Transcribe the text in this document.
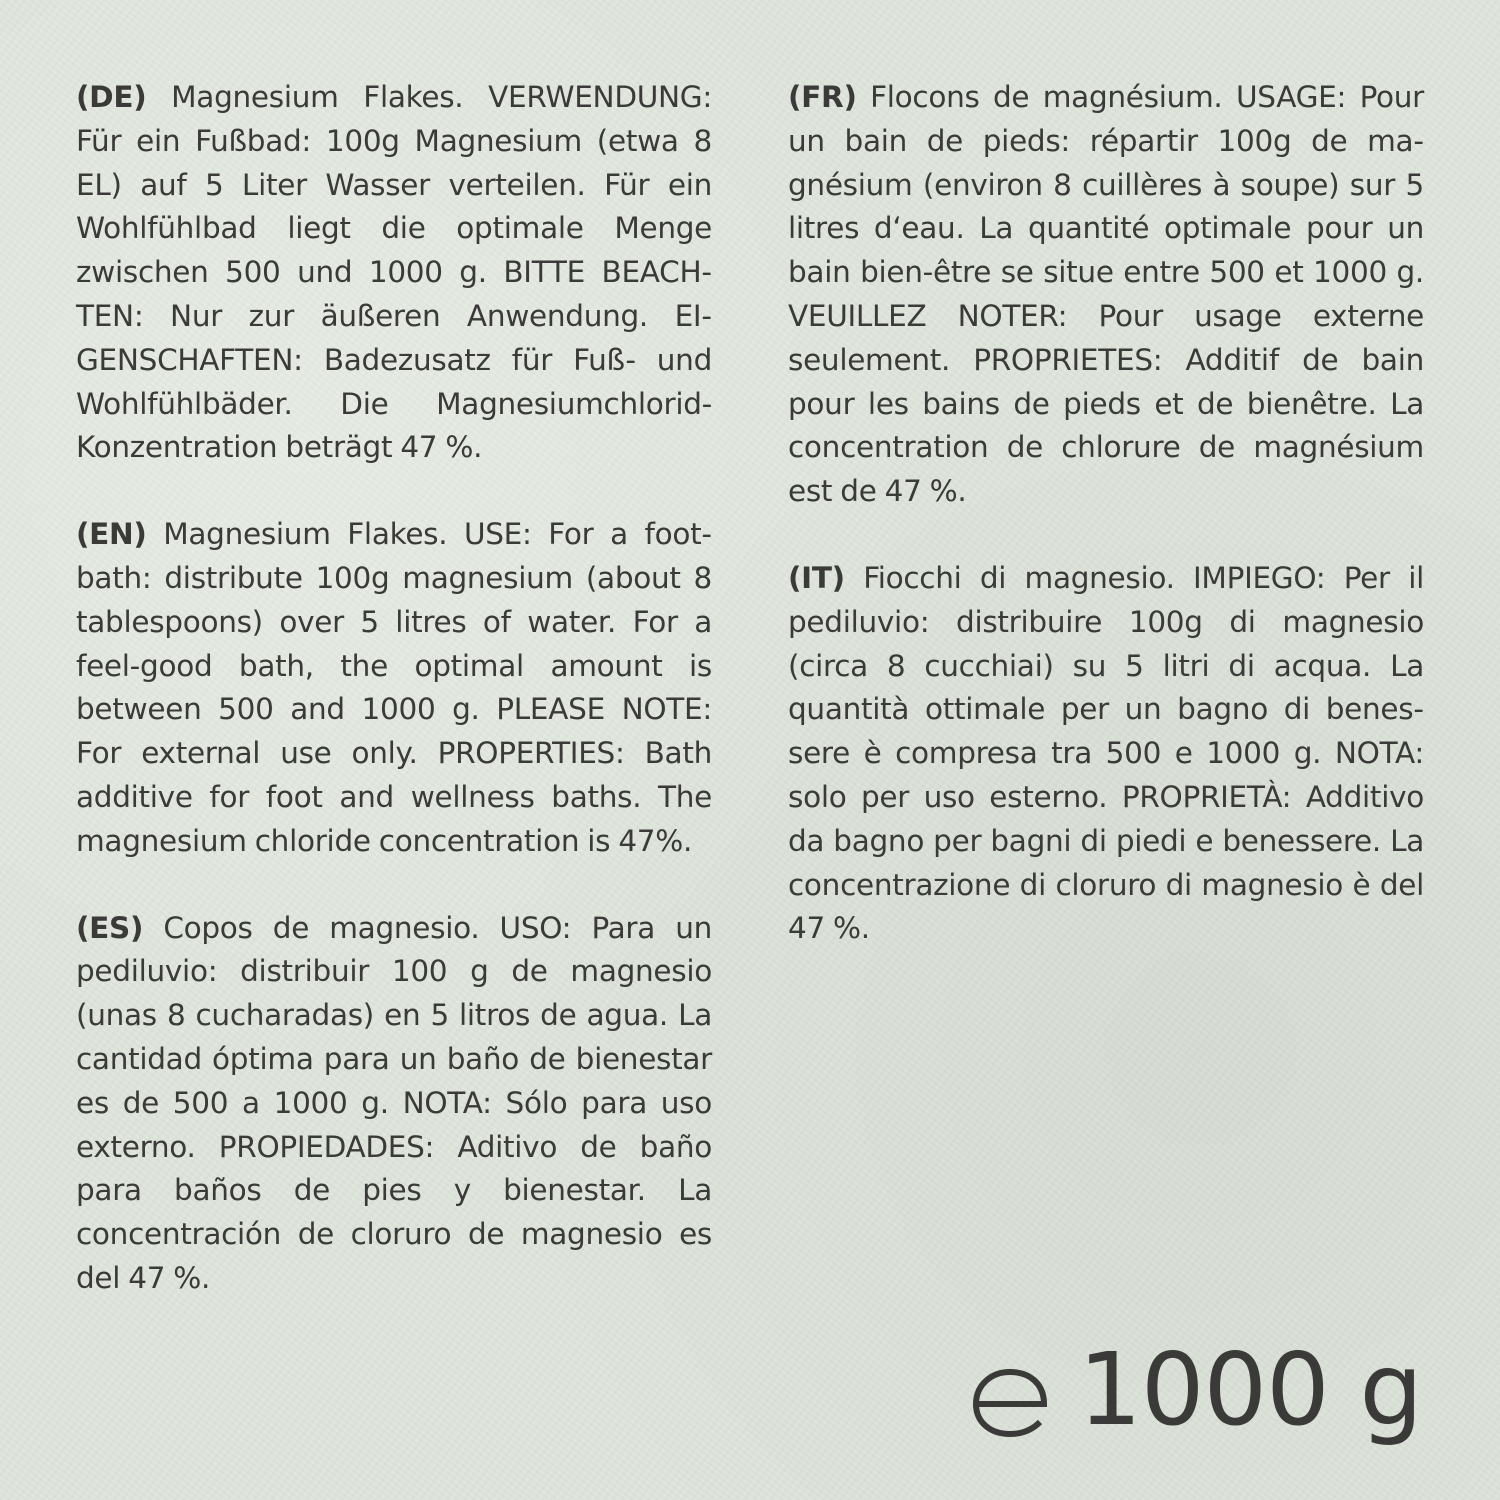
(DE) Magnesium Flakes. VERWENDUNG: Für ein Fußbad: 100g Magnesium (etwa 8 EL) auf 5 Liter Wasser verteilen. Für ein Wohlfühlbad liegt die optimale Menge zwischen 500 und 1000 g. BITTE BEACHTEN: Nur zur äußeren Anwendung. EIGENSCHAFTEN: Badezusatz für Fuß- und Wohlfühlbäder. Die Magnesiumchlorid-Konzentration beträgt 47 %.

(EN) Magnesium Flakes. USE: For a footbath: distribute 100g magnesium (about 8 tablespoons) over 5 litres of water. For a feel-good bath, the optimal amount is between 500 and 1000 g. PLEASE NOTE: For external use only. PROPERTIES: Bath additive for foot and wellness baths. The magnesium chloride concentration is 47%.

(ES) Copos de magnesio. USO: Para un pediluvio: distribuir 100 g de magnesio (unas 8 cucharadas) en 5 litros de agua. La cantidad óptima para un baño de bienestar es de 500 a 1000 g. NOTA: Sólo para uso externo. PROPIEDADES: Aditivo de baño para baños de pies y bienestar. La concentración de cloruro de magnesio es del 47 %.

(FR) Flocons de magnésium. USAGE: Pour un bain de pieds: répartir 100g de magnésium (environ 8 cuillères à soupe) sur 5 litres d‘eau. La quantité optimale pour un bain bien-être se situe entre 500 et 1000 g. VEUILLEZ NOTER: Pour usage externe seulement. PROPRIETES: Additif de bain pour les bains de pieds et de bienêtre. La concentration de chlorure de magnésium est de 47 %.

(IT) Fiocchi di magnesio. IMPIEGO: Per il pediluvio: distribuire 100g di magnesio (circa 8 cucchiai) su 5 litri di acqua. La quantità ottimale per un bagno di benessere è compresa tra 500 e 1000 g. NOTA: solo per uso esterno. PROPRIETÀ: Additivo da bagno per bagni di piedi e benessere. La concentrazione di cloruro di magnesio è del 47 %.

1000 g
